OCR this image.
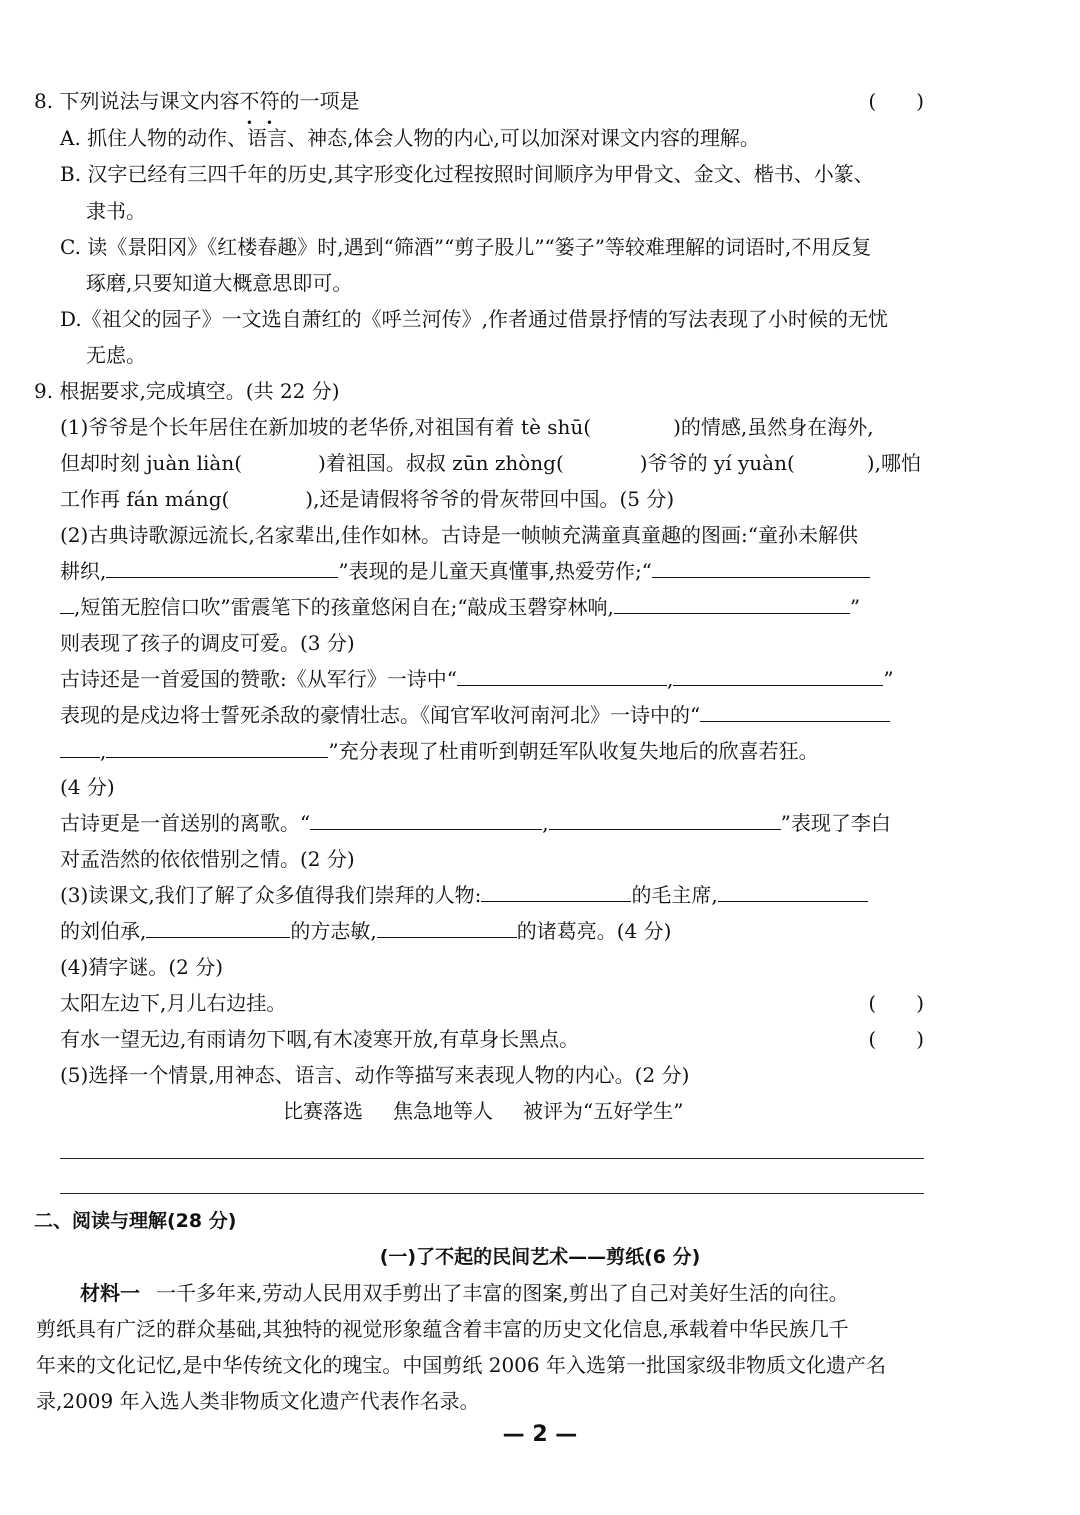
8. 下列说法与课文内容不符的一项是	(　　)
A. 抓住人物的动作、语言、神态,体会人物的内心,可以加深对课文内容的理解。
B. 汉字已经有三四千年的历史,其字形变化过程按照时间顺序为甲骨文、金文、楷书、小篆、
隶书。
C. 读《景阳冈》《红楼春趣》时,遇到“筛酒”“剪子股儿”“篓子”等较难理解的词语时,不用反复
琢磨,只要知道大概意思即可。
D.《祖父的园子》一文选自萧红的《呼兰河传》,作者通过借景抒情的写法表现了小时候的无忧
无虑。
9. 根据要求,完成填空。(共 22 分)
(1)爷爷是个长年居住在新加坡的老华侨,对祖国有着 tè shū(	)的情感,虽然身在海外,
但却时刻 juàn liàn(	)着祖国。叔叔 zūn zhòng(	)爷爷的 yí yuàn(	),哪怕
工作再 fán máng(	),还是请假将爷爷的骨灰带回中国。(5 分)
(2)古典诗歌源远流长,名家辈出,佳作如林。古诗是一帧帧充满童真童趣的图画:“童孙未解供
耕织,	”表现的是儿童天真懂事,热爱劳作;“
,短笛无腔信口吹”雷震笔下的孩童悠闲自在;“敲成玉磬穿林响,	”
则表现了孩子的调皮可爱。(3 分)
古诗还是一首爱国的赞歌:《从军行》一诗中“	,	”
表现的是戍边将士誓死杀敌的豪情壮志。《闻官军收河南河北》一诗中的“
,	”充分表现了杜甫听到朝廷军队收复失地后的欣喜若狂。
(4 分)
古诗更是一首送别的离歌。“	,	”表现了李白
对孟浩然的依依惜别之情。(2 分)
(3)读课文,我们了解了众多值得我们崇拜的人物:	的毛主席,
的刘伯承,	的方志敏,	的诸葛亮。(4 分)
(4)猜字谜。(2 分)
太阳左边下,月儿右边挂。	(　　)
有水一望无边,有雨请勿下咽,有木凌寒开放,有草身长黑点。	(　　)
(5)选择一个情景,用神态、语言、动作等描写来表现人物的内心。(2 分)
比赛落选 焦急地等人 被评为“五好学生”
二、阅读与理解(28 分)
(一)了不起的民间艺术——剪纸(6 分)
材料一 一千多年来,劳动人民用双手剪出了丰富的图案,剪出了自己对美好生活的向往。
剪纸具有广泛的群众基础,其独特的视觉形象蕴含着丰富的历史文化信息,承载着中华民族几千
年来的文化记忆,是中华传统文化的瑰宝。中国剪纸 2006 年入选第一批国家级非物质文化遗产名
录,2009 年入选人类非物质文化遗产代表作名录。
— 2 —
